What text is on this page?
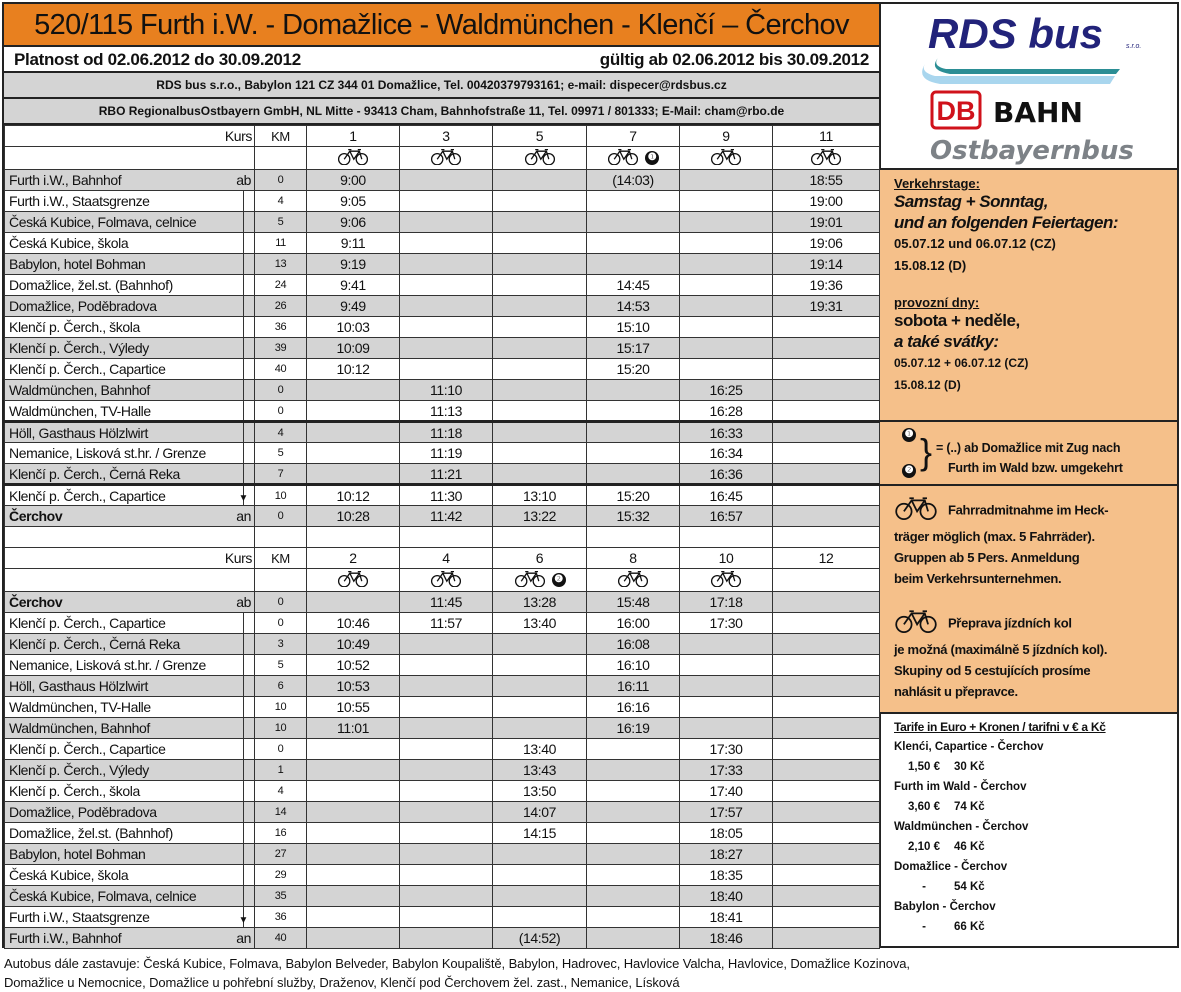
520/115 Furth i.W. - Domažlice - Waldmünchen - Klenčí – Čerchov
Platnost od 02.06.2012 do 30.09.2012	gültig ab 02.06.2012 bis 30.09.2012
RDS bus s.r.o., Babylon 121 CZ 344 01 Domažlice, Tel. 00420379793161; e-mail: dispecer@rdsbus.cz
RBO RegionalbusOstbayern GmbH, NL Mitte - 93413 Cham, Bahnhofstraße 11, Tel. 09971 / 801333; E-Mail: cham@rbo.de
Kurs	KM	1	3	5	7	9	11
					❶		
Furth i.W., Bahnhof ab	0	9:00			(14:03)		18:55
Furth i.W., Staatsgrenze	4	9:05					19:00
Česká Kubice, Folmava, celnice	5	9:06					19:01
Česká Kubice, škola	11	9:11					19:06
Babylon, hotel Bohman	13	9:19					19:14
Domažlice, žel.st. (Bahnhof)	24	9:41			14:45		19:36
Domažlice, Poděbradova	26	9:49			14:53		19:31
Klenčí p. Čerch., škola	36	10:03			15:10		
Klenčí p. Čerch., Výledy	39	10:09			15:17		
Klenčí p. Čerch., Capartice	40	10:12			15:20		
Waldmünchen, Bahnhof	0		11:10			16:25	
Waldmünchen, TV-Halle	0		11:13			16:28	
Höll, Gasthaus Hölzlwirt	4		11:18			16:33	
Nemanice, Lisková st.hr. / Grenze	5		11:19			16:34	
Klenčí p. Čerch., Černá Reka	7		11:21			16:36	
Klenčí p. Čerch., Capartice ▼	10	10:12	11:30	13:10	15:20	16:45	
Čerchov an	0	10:28	11:42	13:22	15:32	16:57	

Kurs	KM	2	4	6	8	10	12
				❷			
Čerchov ab	0		11:45	13:28	15:48	17:18	
Klenčí p. Čerch., Capartice	0	10:46	11:57	13:40	16:00	17:30	
Klenčí p. Čerch., Černá Reka	3	10:49			16:08		
Nemanice, Lisková st.hr. / Grenze	5	10:52			16:10		
Höll, Gasthaus Hölzlwirt	6	10:53			16:11		
Waldmünchen, TV-Halle	10	10:55			16:16		
Waldmünchen, Bahnhof	10	11:01			16:19		
Klenčí p. Čerch., Capartice	0			13:40		17:30	
Klenčí p. Čerch., Výledy	1			13:43		17:33	
Klenčí p. Čerch., škola	4			13:50		17:40	
Domažlice, Poděbradova	14			14:07		17:57	
Domažlice, žel.st. (Bahnhof)	16			14:15		18:05	
Babylon, hotel Bohman	27					18:27	
Česká Kubice, škola	29					18:35	
Česká Kubice, Folmava, celnice	35					18:40	
Furth i.W., Staatsgrenze ▼	36					18:41	
Furth i.W., Bahnhof an	40			(14:52)		18:46	
RDS bus	s.r.o.
DB BAHN
Ostbayernbus
Verkehrstage:
Samstag + Sonntag,
und an folgenden Feiertagen:
05.07.12 und 06.07.12 (CZ)
15.08.12 (D)
provozní dny:
sobota + neděle,
a také svátky:
05.07.12 + 06.07.12 (CZ)
15.08.12 (D)
❶
❷ } = (..) ab Domažlice mit Zug nach
Furth im Wald bzw. umgekehrt
Fahrradmitnahme im Heck-
träger möglich (max. 5 Fahrräder).
Gruppen ab 5 Pers. Anmeldung
beim Verkehrsunternehmen.
Přeprava jízdních kol
je možná (maximálně 5 jízdních kol).
Skupiny od 5 cestujících prosíme
nahlásit u přepravce.
Tarife in Euro + Kronen / tarifni v € a Kč
Klenći, Capartice - Čerchov
1,50 € 30 Kč
Furth im Wald - Čerchov
3,60 € 74 Kč
Waldmünchen - Čerchov
2,10 € 46 Kč
Domažlice - Čerchov
- 54 Kč
Babylon - Čerchov
- 66 Kč
Autobus dále zastavuje: Česká Kubice, Folmava, Babylon Belveder, Babylon Koupaliště, Babylon, Hadrovec, Havlovice Valcha, Havlovice, Domažlice Kozinova,
Domažlice u Nemocnice, Domažlice u pohřební služby, Draženov, Klenčí pod Čerchovem žel. zast., Nemanice, Lísková
